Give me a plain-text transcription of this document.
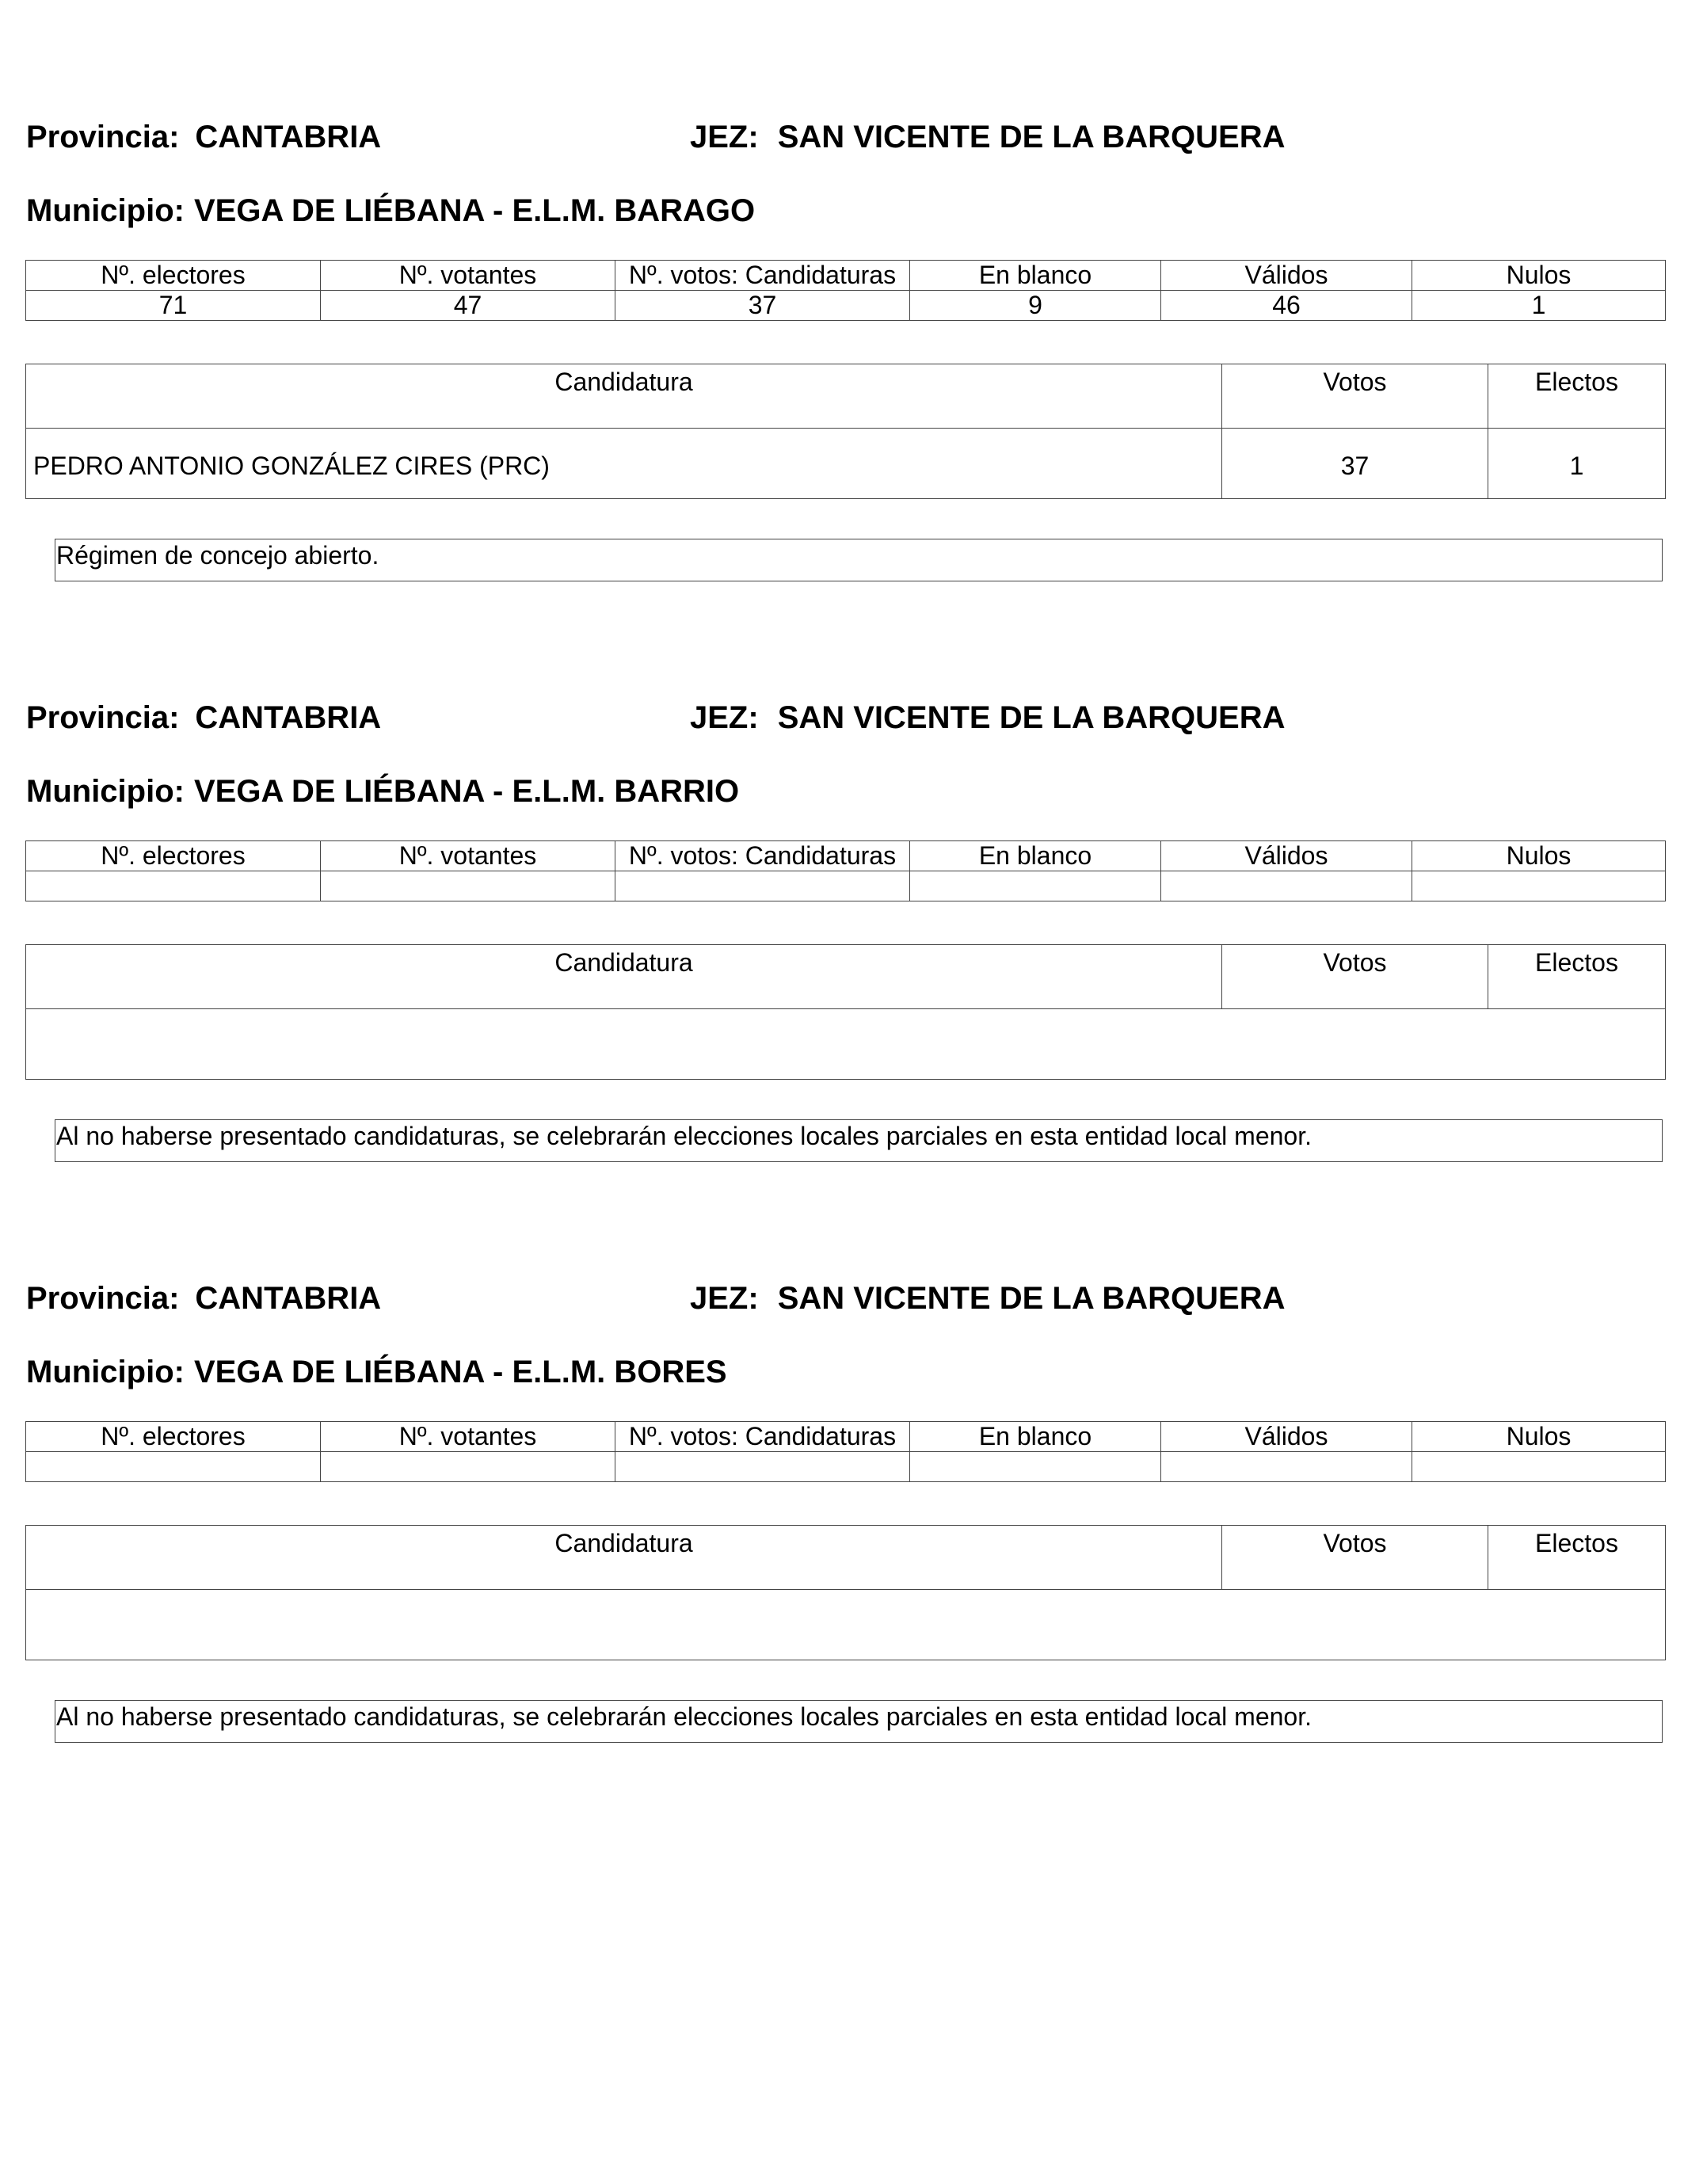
Provincia: CANTABRIA	JEZ: SAN VICENTE DE LA BARQUERA
Municipio: VEGA DE LIÉBANA - E.L.M. BARAGO
Nº. electores	Nº. votantes	Nº. votos: Candidaturas	En blanco	Válidos	Nulos
71	47	37	9	46	1
Candidatura	Votos	Electos
PEDRO ANTONIO GONZÁLEZ CIRES (PRC)	37	1
Régimen de concejo abierto.
Provincia: CANTABRIA	JEZ: SAN VICENTE DE LA BARQUERA
Municipio: VEGA DE LIÉBANA - E.L.M. BARRIO
Nº. electores	Nº. votantes	Nº. votos: Candidaturas	En blanco	Válidos	Nulos

Candidatura	Votos	Electos

Al no haberse presentado candidaturas, se celebrarán elecciones locales parciales en esta entidad local menor.
Provincia: CANTABRIA	JEZ: SAN VICENTE DE LA BARQUERA
Municipio: VEGA DE LIÉBANA - E.L.M. BORES
Nº. electores	Nº. votantes	Nº. votos: Candidaturas	En blanco	Válidos	Nulos

Candidatura	Votos	Electos

Al no haberse presentado candidaturas, se celebrarán elecciones locales parciales en esta entidad local menor.
